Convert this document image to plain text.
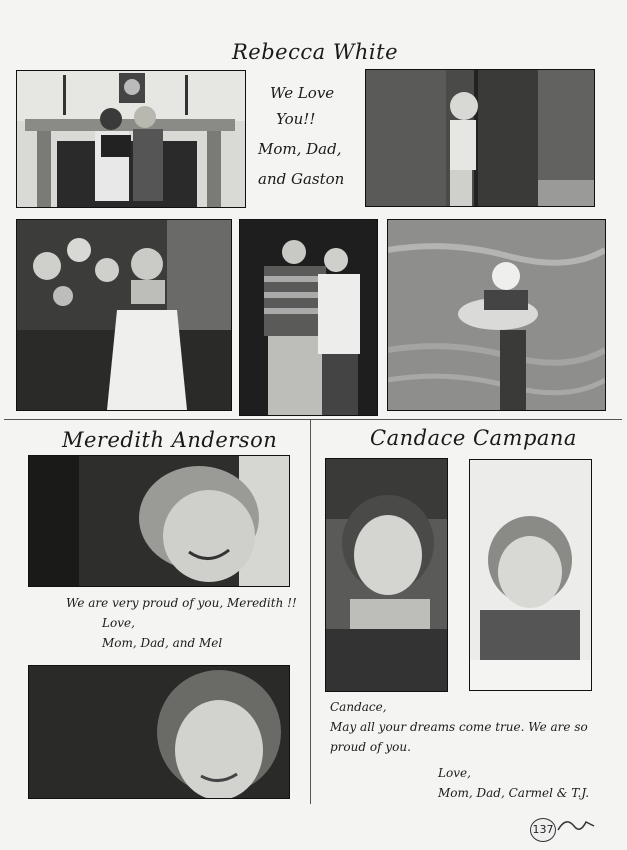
Rebecca White
We Love
You!!
Mom, Dad,
and Gaston
Meredith Anderson
We are very proud of you, Meredith !!
Love,
Mom, Dad, and Mel
Candace Campana
Candace,
May all your dreams come true. We are so
proud of you.
Love,
Mom, Dad, Carmel & T.J.
137
